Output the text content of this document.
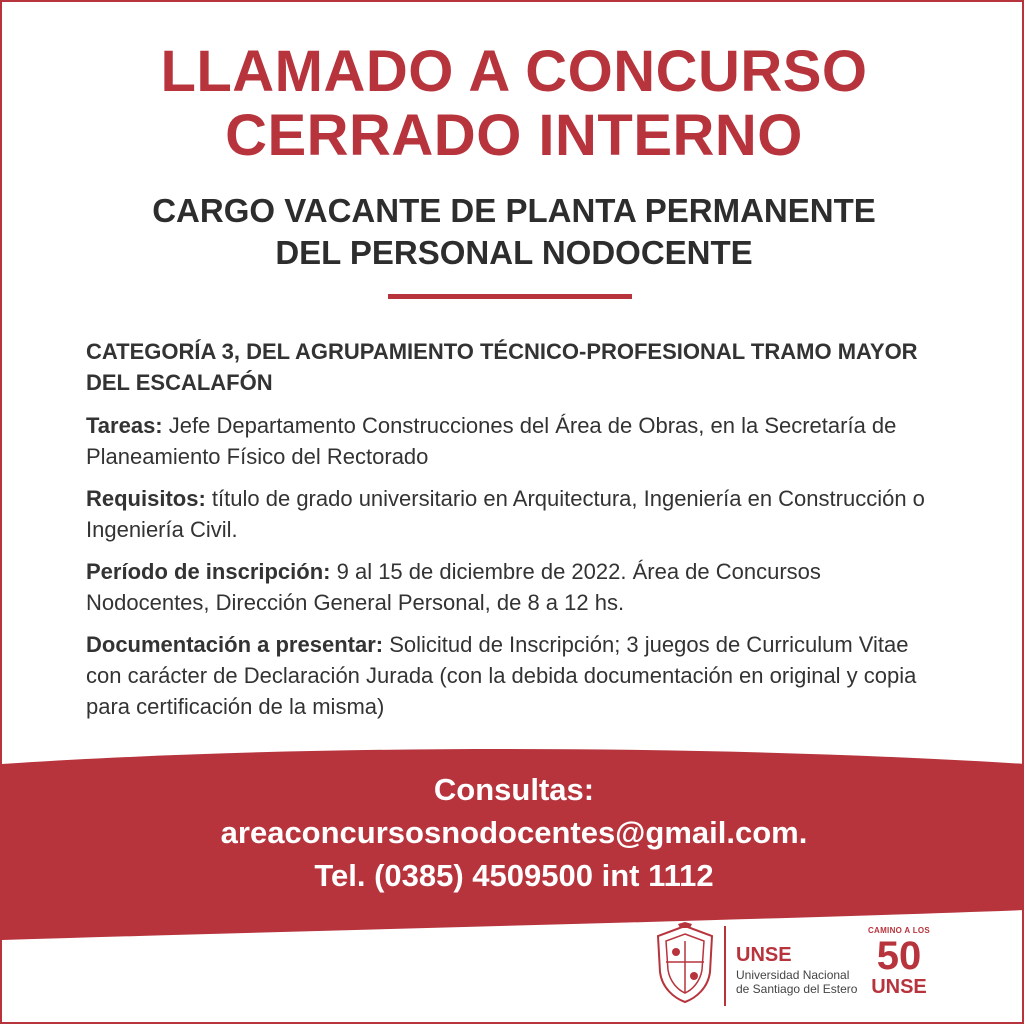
LLAMADO A CONCURSO
CERRADO INTERNO
CARGO VACANTE DE PLANTA PERMANENTE
DEL PERSONAL NODOCENTE
CATEGORÍA 3, DEL AGRUPAMIENTO TÉCNICO-PROFESIONAL TRAMO MAYOR DEL ESCALAFÓN
Tareas: Jefe Departamento Construcciones del Área de Obras, en la Secretaría de Planeamiento Físico del Rectorado
Requisitos: título de grado universitario en Arquitectura, Ingeniería en Construcción o Ingeniería Civil.
Período de inscripción: 9 al 15 de diciembre de 2022. Área de Concursos Nodocentes, Dirección General Personal, de 8 a 12 hs.
Documentación a presentar: Solicitud de Inscripción; 3 juegos de Curriculum Vitae con carácter de Declaración Jurada (con la debida documentación en original y copia para certificación de la misma)
Consultas:
areaconcursosnodocentes@gmail.com.
Tel. (0385) 4509500 int 1112
UNSE
Universidad Nacional
de Santiago del Estero
CAMINO A LOS
50
UNSE
